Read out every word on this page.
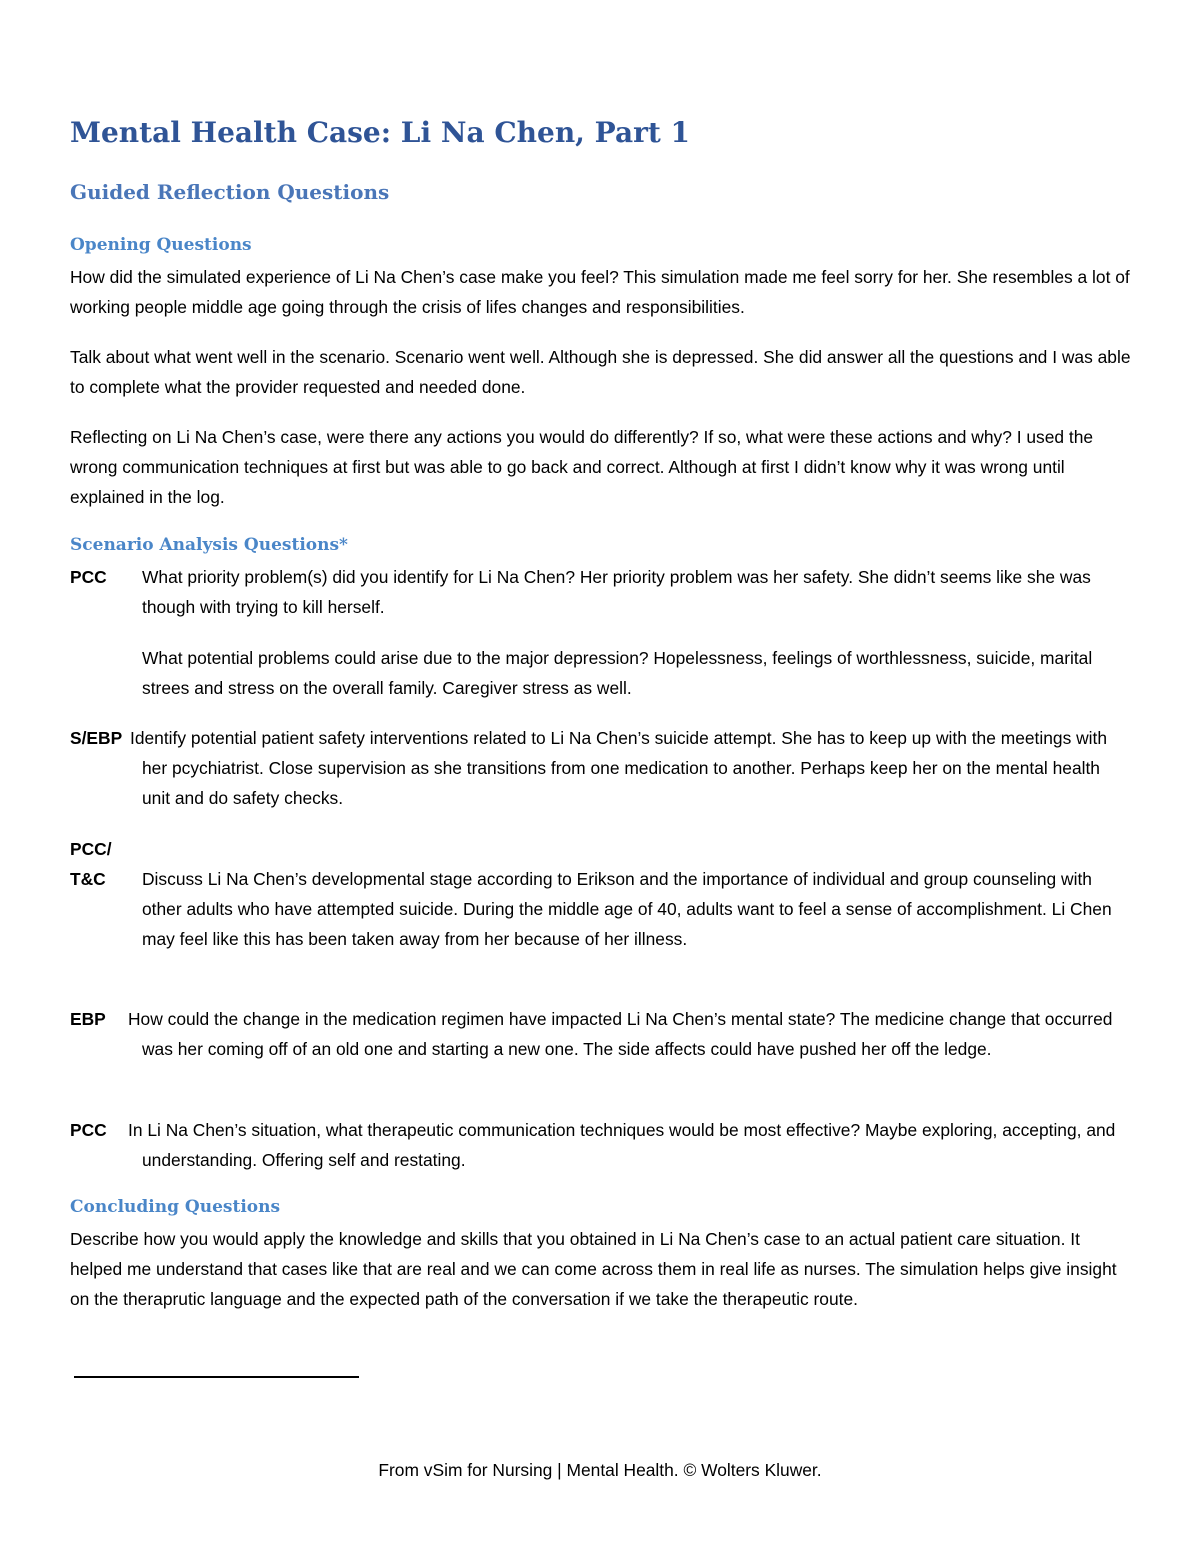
Mental Health Case: Li Na Chen, Part 1
Guided Reflection Questions
Opening Questions

How did the simulated experience of Li Na Chen’s case make you feel? This simulation made me feel sorry for her. She resembles a lot of working people middle age going through the crisis of lifes changes and responsibilities.

Talk about what went well in the scenario. Scenario went well. Although she is depressed. She did answer all the questions and I was able to complete what the provider requested and needed done.

Reflecting on Li Na Chen’s case, were there any actions you would do differently? If so, what were these actions and why? I used the wrong communication techniques at first but was able to go back and correct. Although at first I didn’t know why it was wrong until explained in the log.

Scenario Analysis Questions*
PCC What priority problem(s) did you identify for Li Na Chen? Her priority problem was her safety. She didn’t seems like she was though with trying to kill herself.

What potential problems could arise due to the major depression? Hopelessness, feelings of worthlessness, suicide, marital strees and stress on the overall family. Caregiver stress as well.

S/EBP Identify potential patient safety interventions related to Li Na Chen’s suicide attempt. She has to keep up with the meetings with her pcychiatrist. Close supervision as she transitions from one medication to another. Perhaps keep her on the mental health unit and do safety checks.

PCC/
T&C Discuss Li Na Chen’s developmental stage according to Erikson and the importance of individual and group counseling with other adults who have attempted suicide. During the middle age of 40, adults want to feel a sense of accomplishment. Li Chen may feel like this has been taken away from her because of her illness.

EBP How could the change in the medication regimen have impacted Li Na Chen’s mental state? The medicine change that occurred was her coming off of an old one and starting a new one. The side affects could have pushed her off the ledge.

PCC In Li Na Chen’s situation, what therapeutic communication techniques would be most effective? Maybe exploring, accepting, and understanding. Offering self and restating.

Concluding Questions

Describe how you would apply the knowledge and skills that you obtained in Li Na Chen’s case to an actual patient care situation. It helped me understand that cases like that are real and we can come across them in real life as nurses. The simulation helps give insight on the theraprutic language and the expected path of the conversation if we take the therapeutic route.

From vSim for Nursing | Mental Health. © Wolters Kluwer.
